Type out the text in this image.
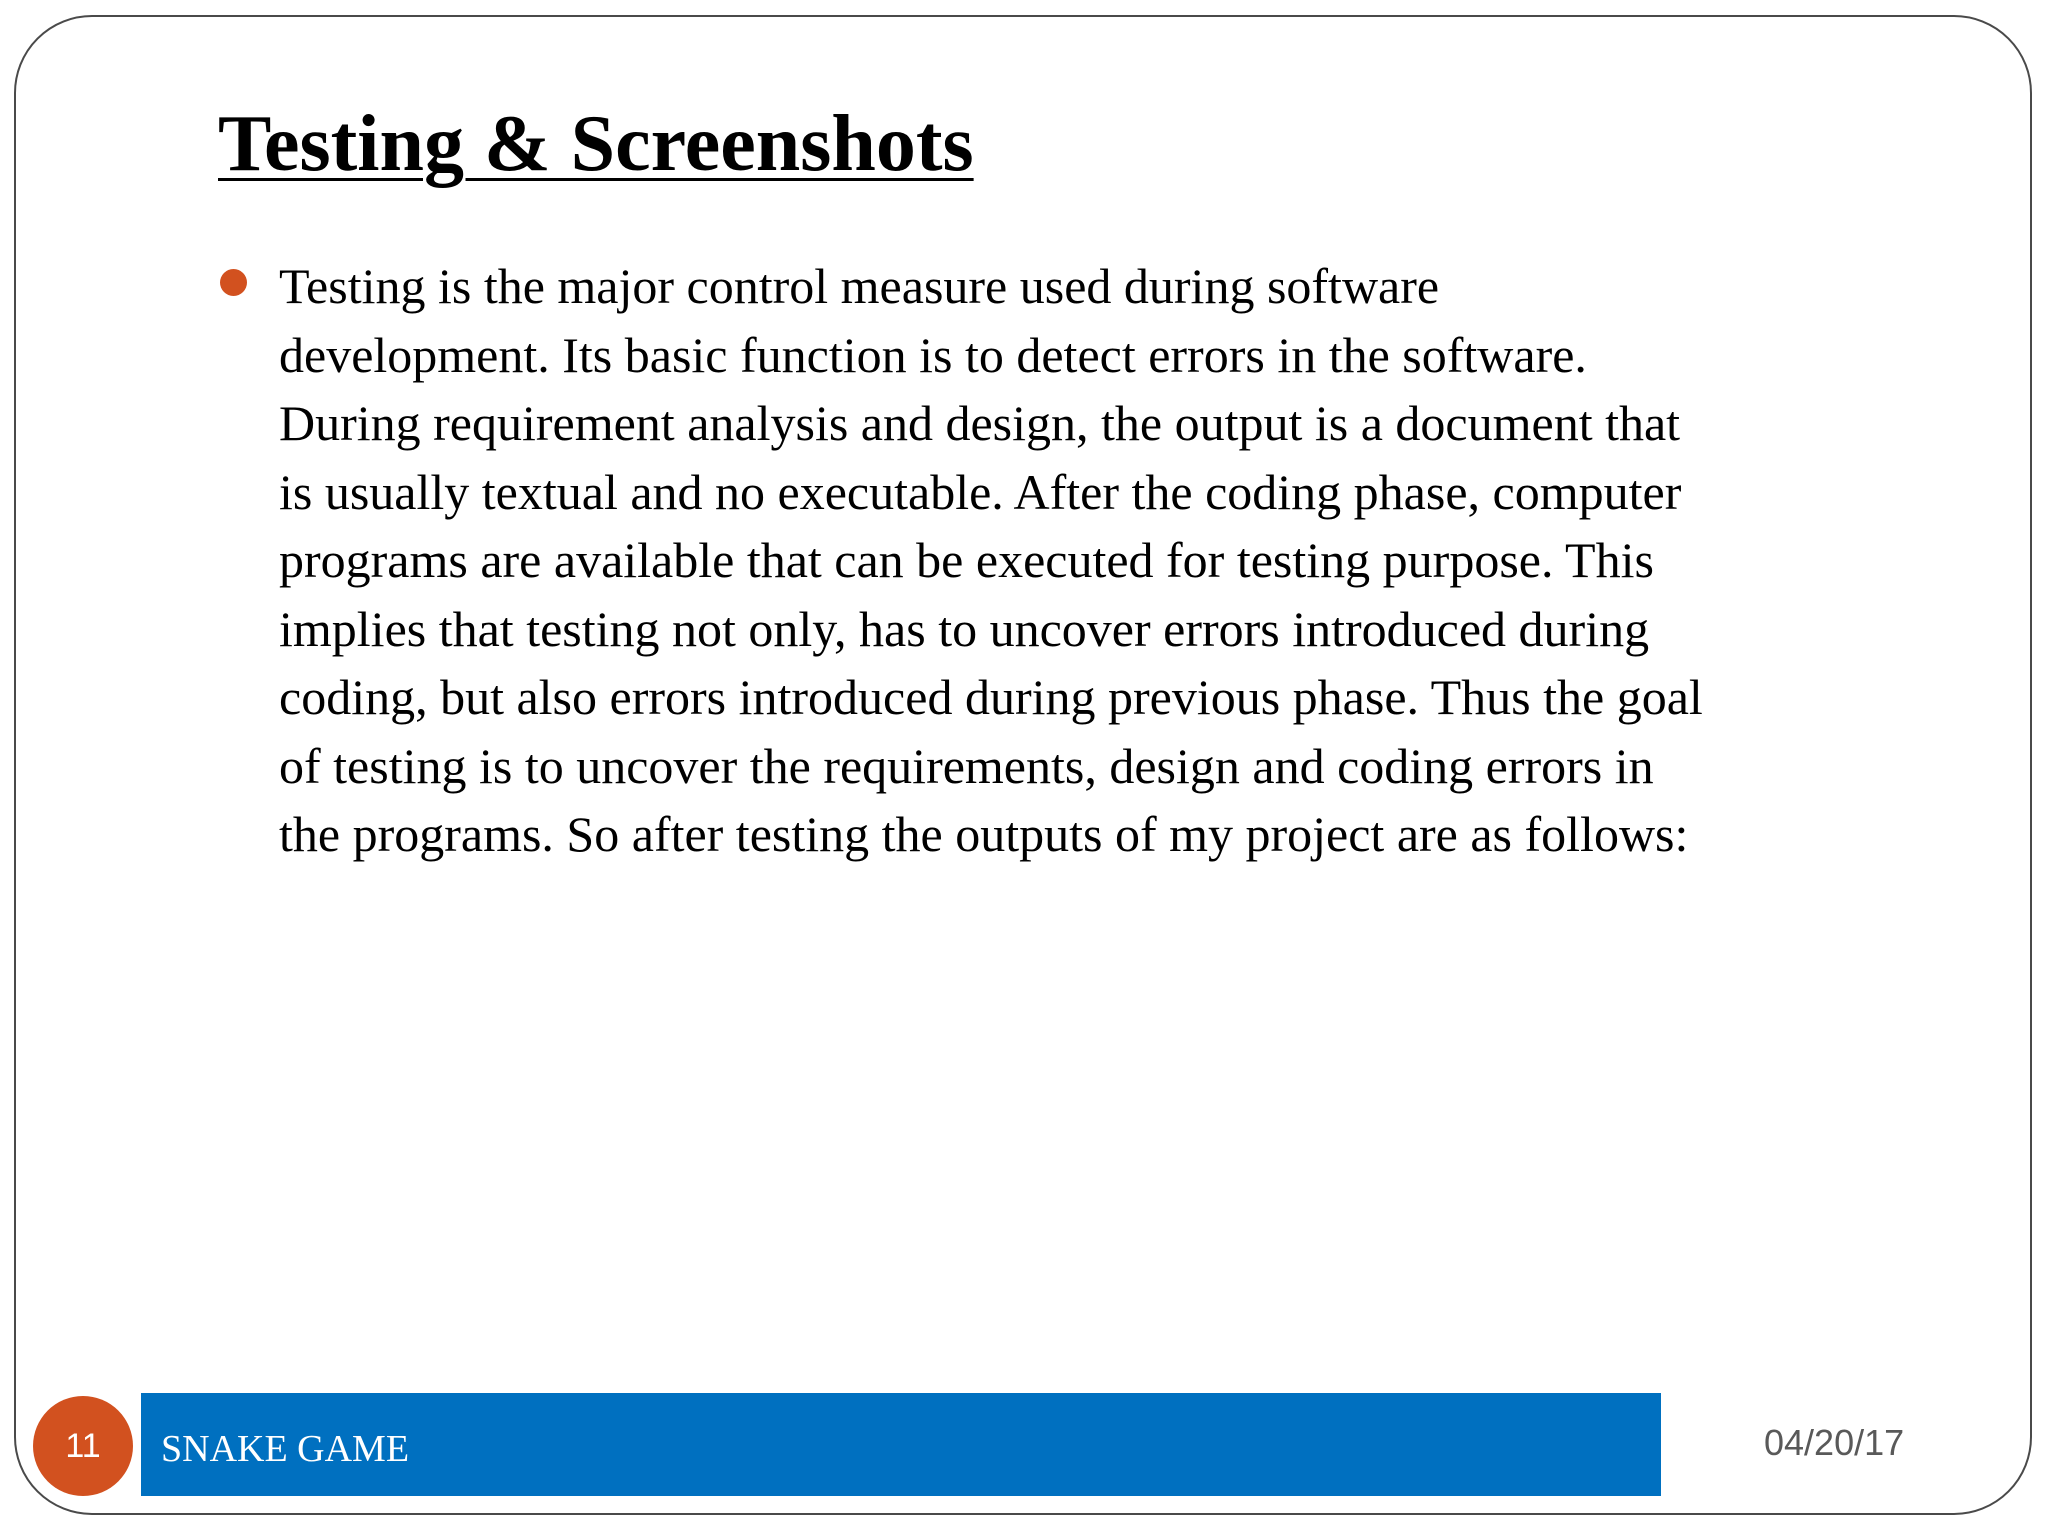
Testing & Screenshots
Testing is the major control measure used during software
development. Its basic function is to detect errors in the software.
During requirement analysis and design, the output is a document that
is usually textual and no executable. After the coding phase, computer
programs are available that can be executed for testing purpose. This
implies that testing not only, has to uncover errors introduced during
coding, but also errors introduced during previous phase. Thus the goal
of testing is to uncover the requirements, design and coding errors in
the programs. So after testing the outputs of my project are as follows:
11 SNAKE GAME	04/20/17
